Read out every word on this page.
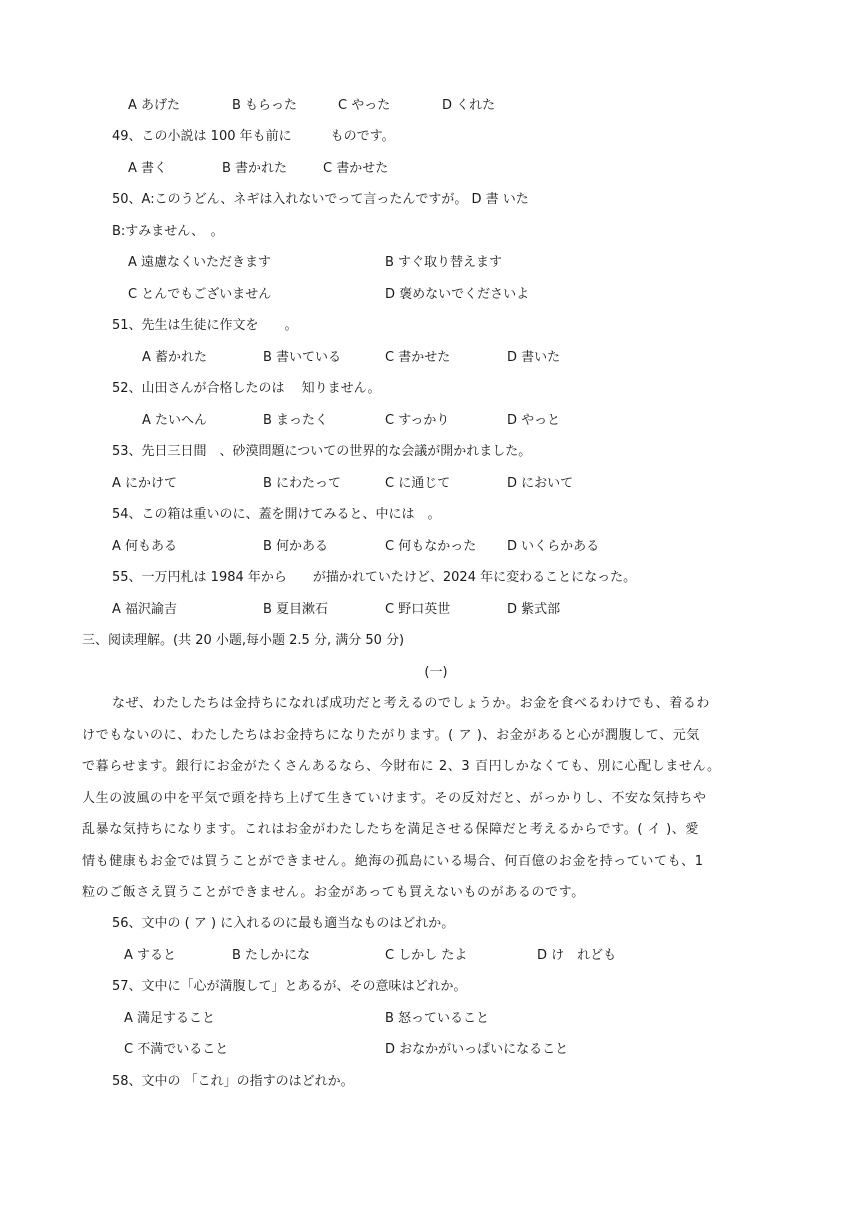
A あげた	B もらった	C やった	D くれた
49、この小説は 100 年も前に　　　ものです。
A 書く	B 書かれた	C 書かせた
50、A:このうどん、ネギは入れないでって言ったんですが。 D 書 いた
B:すみません、　。
A 遠慮なくいただきます	B すぐ取り替えます
C とんでもございません	D 褒めないでくださいよ
51、先生は生徒に作文を　　。
A 蓄かれた	B 書いている	C 書かせた	D 書いた
52、山田さんが合格したのは　 知りません。
A たいへん	B まったく	C すっかり	D やっと
53、先日三日間　、砂漠問題についての世界的な会議が開かれました。
A にかけて	B にわたって	C に通じて	D において
54、この箱は重いのに、蓋を開けてみると、中には　。
A 何もある	B 何かある	C 何もなかった D いくらかある
55、一万円札は 1984 年から　　が描かれていたけど、2024 年に変わることになった。
A 福沢諭吉	B 夏目漱石	C 野口英世	D 紫式部
三、阅读理解。(共 20 小题,每小题 2.5 分, 满分 50 分)
(一)
なぜ、わたしたちは金持ちになれば成功だと考えるのでしょうか。お金を食べるわけでも、着るわ
けでもないのに、わたしたちはお金持ちになりたがります。( ア )、お金があると心が潤腹して、元気
で暮らせます。銀行にお金がたくさんあるなら、今財布に 2、3 百円しかなくても、別に心配しません。
人生の波風の中を平気で頭を持ち上げて生きていけます。その反対だと、がっかりし、不安な気持ちや
乱暴な気持ちになります。これはお金がわたしたちを満足させる保障だと考えるからです。( イ )、愛
情も健康もお金では買うことができません。絶海の孤島にいる場合、何百億のお金を持っていても、1
粒のご飯さえ買うことができません。お金があっても買えないものがあるのです。
56、文中の ( ア ) に入れるのに最も適当なものはどれか。
A すると	B たしかにな	C しかし たよ	D け　れども
57、文中に「心が満腹して」とあるが、その意味はどれか。
A 満足すること	B 怒っていること
C 不満でいること	D おなかがいっぱいになること
58、文中の 「これ」の指すのはどれか。
